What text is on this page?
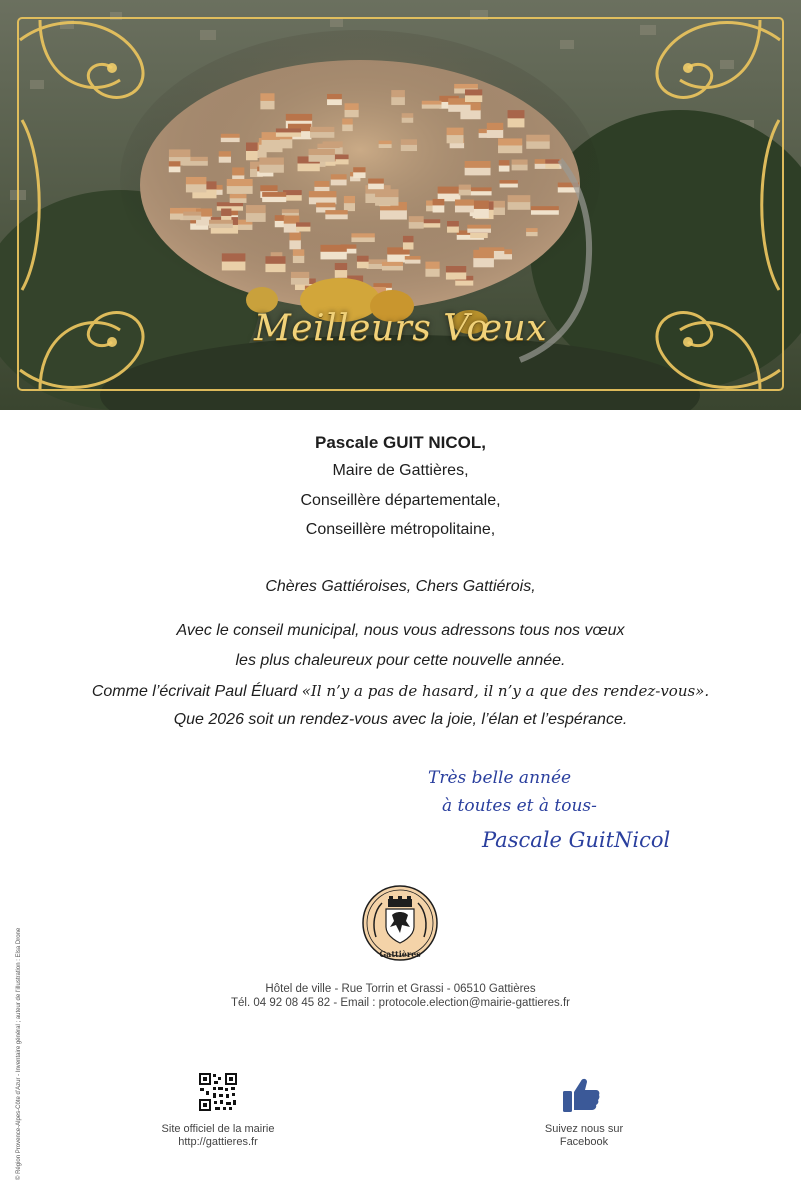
Meilleurs Vœux
Pascale GUIT NICOL,
Maire de Gattières,
Conseillère départementale,
Conseillère métropolitaine,
Chères Gattiéroises, Chers Gattiérois,
Avec le conseil municipal, nous vous adressons tous nos vœux
les plus chaleureux pour cette nouvelle année.
Comme l’écrivait Paul Éluard «Il n’y a pas de hasard, il n’y a que des rendez-vous».
Que 2026 soit un rendez-vous avec la joie, l’élan et l’espérance.
Très belle année
à toutes et à tous-
Pascale GuitNicol
Gattières
Hôtel de ville - Rue Torrin et Grassi - 06510 Gattières
Tél. 04 92 08 45 82 - Email : protocole.election@mairie-gattieres.fr
© Région Provence-Alpes-Côte d’Azur - Inventaire général ; auteur de l’illustration : Elsa Drone	Site officiel de la mairie
http://gattieres.fr
Suivez nous sur
Facebook
